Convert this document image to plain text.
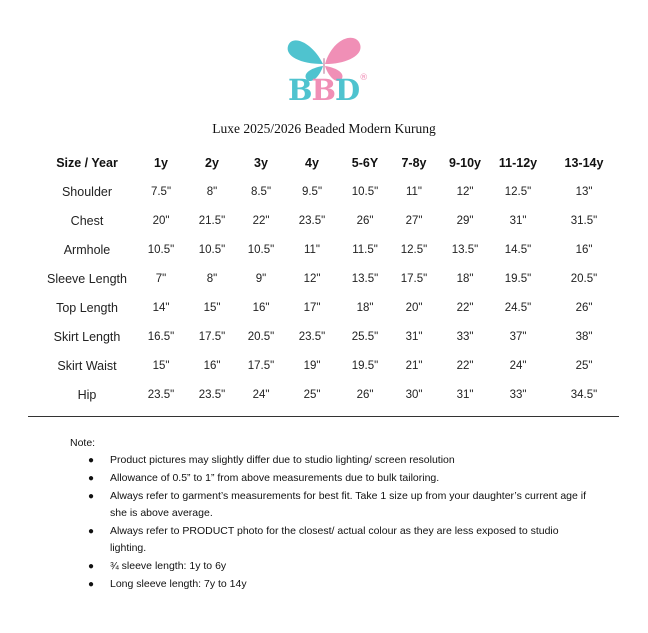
BBD®
Luxe 2025/2026 Beaded Modern Kurung
Size / Year	1y	2y	3y	4y	5-6Y	7-8y	9-10y	11-12y	13-14y
Shoulder	7.5"	8"	8.5"	9.5"	10.5"	11"	12"	12.5"	13"
Chest	20"	21.5"	22"	23.5"	26"	27"	29"	31"	31.5"
Armhole	10.5"	10.5"	10.5"	11"	11.5"	12.5"	13.5"	14.5"	16"
Sleeve Length	7"	8"	9"	12"	13.5"	17.5"	18"	19.5"	20.5"
Top Length	14"	15"	16"	17"	18"	20"	22"	24.5"	26"
Skirt Length	16.5"	17.5"	20.5"	23.5"	25.5"	31"	33"	37"	38"
Skirt Waist	15"	16"	17.5"	19"	19.5"	21"	22"	24"	25"
Hip	23.5"	23.5"	24"	25"	26"	30"	31"	33"	34.5"

Note:

● Product pictures may slightly differ due to studio lighting/ screen resolution
● Allowance of 0.5” to 1” from above measurements due to bulk tailoring.
● Always refer to garment’s measurements for best fit. Take 1 size up from your daughter’s current age if she is above average.
● Always refer to PRODUCT photo for the closest/ actual colour as they are less exposed to studio lighting.
● ¾ sleeve length: 1y to 6y
● Long sleeve length: 7y to 14y
